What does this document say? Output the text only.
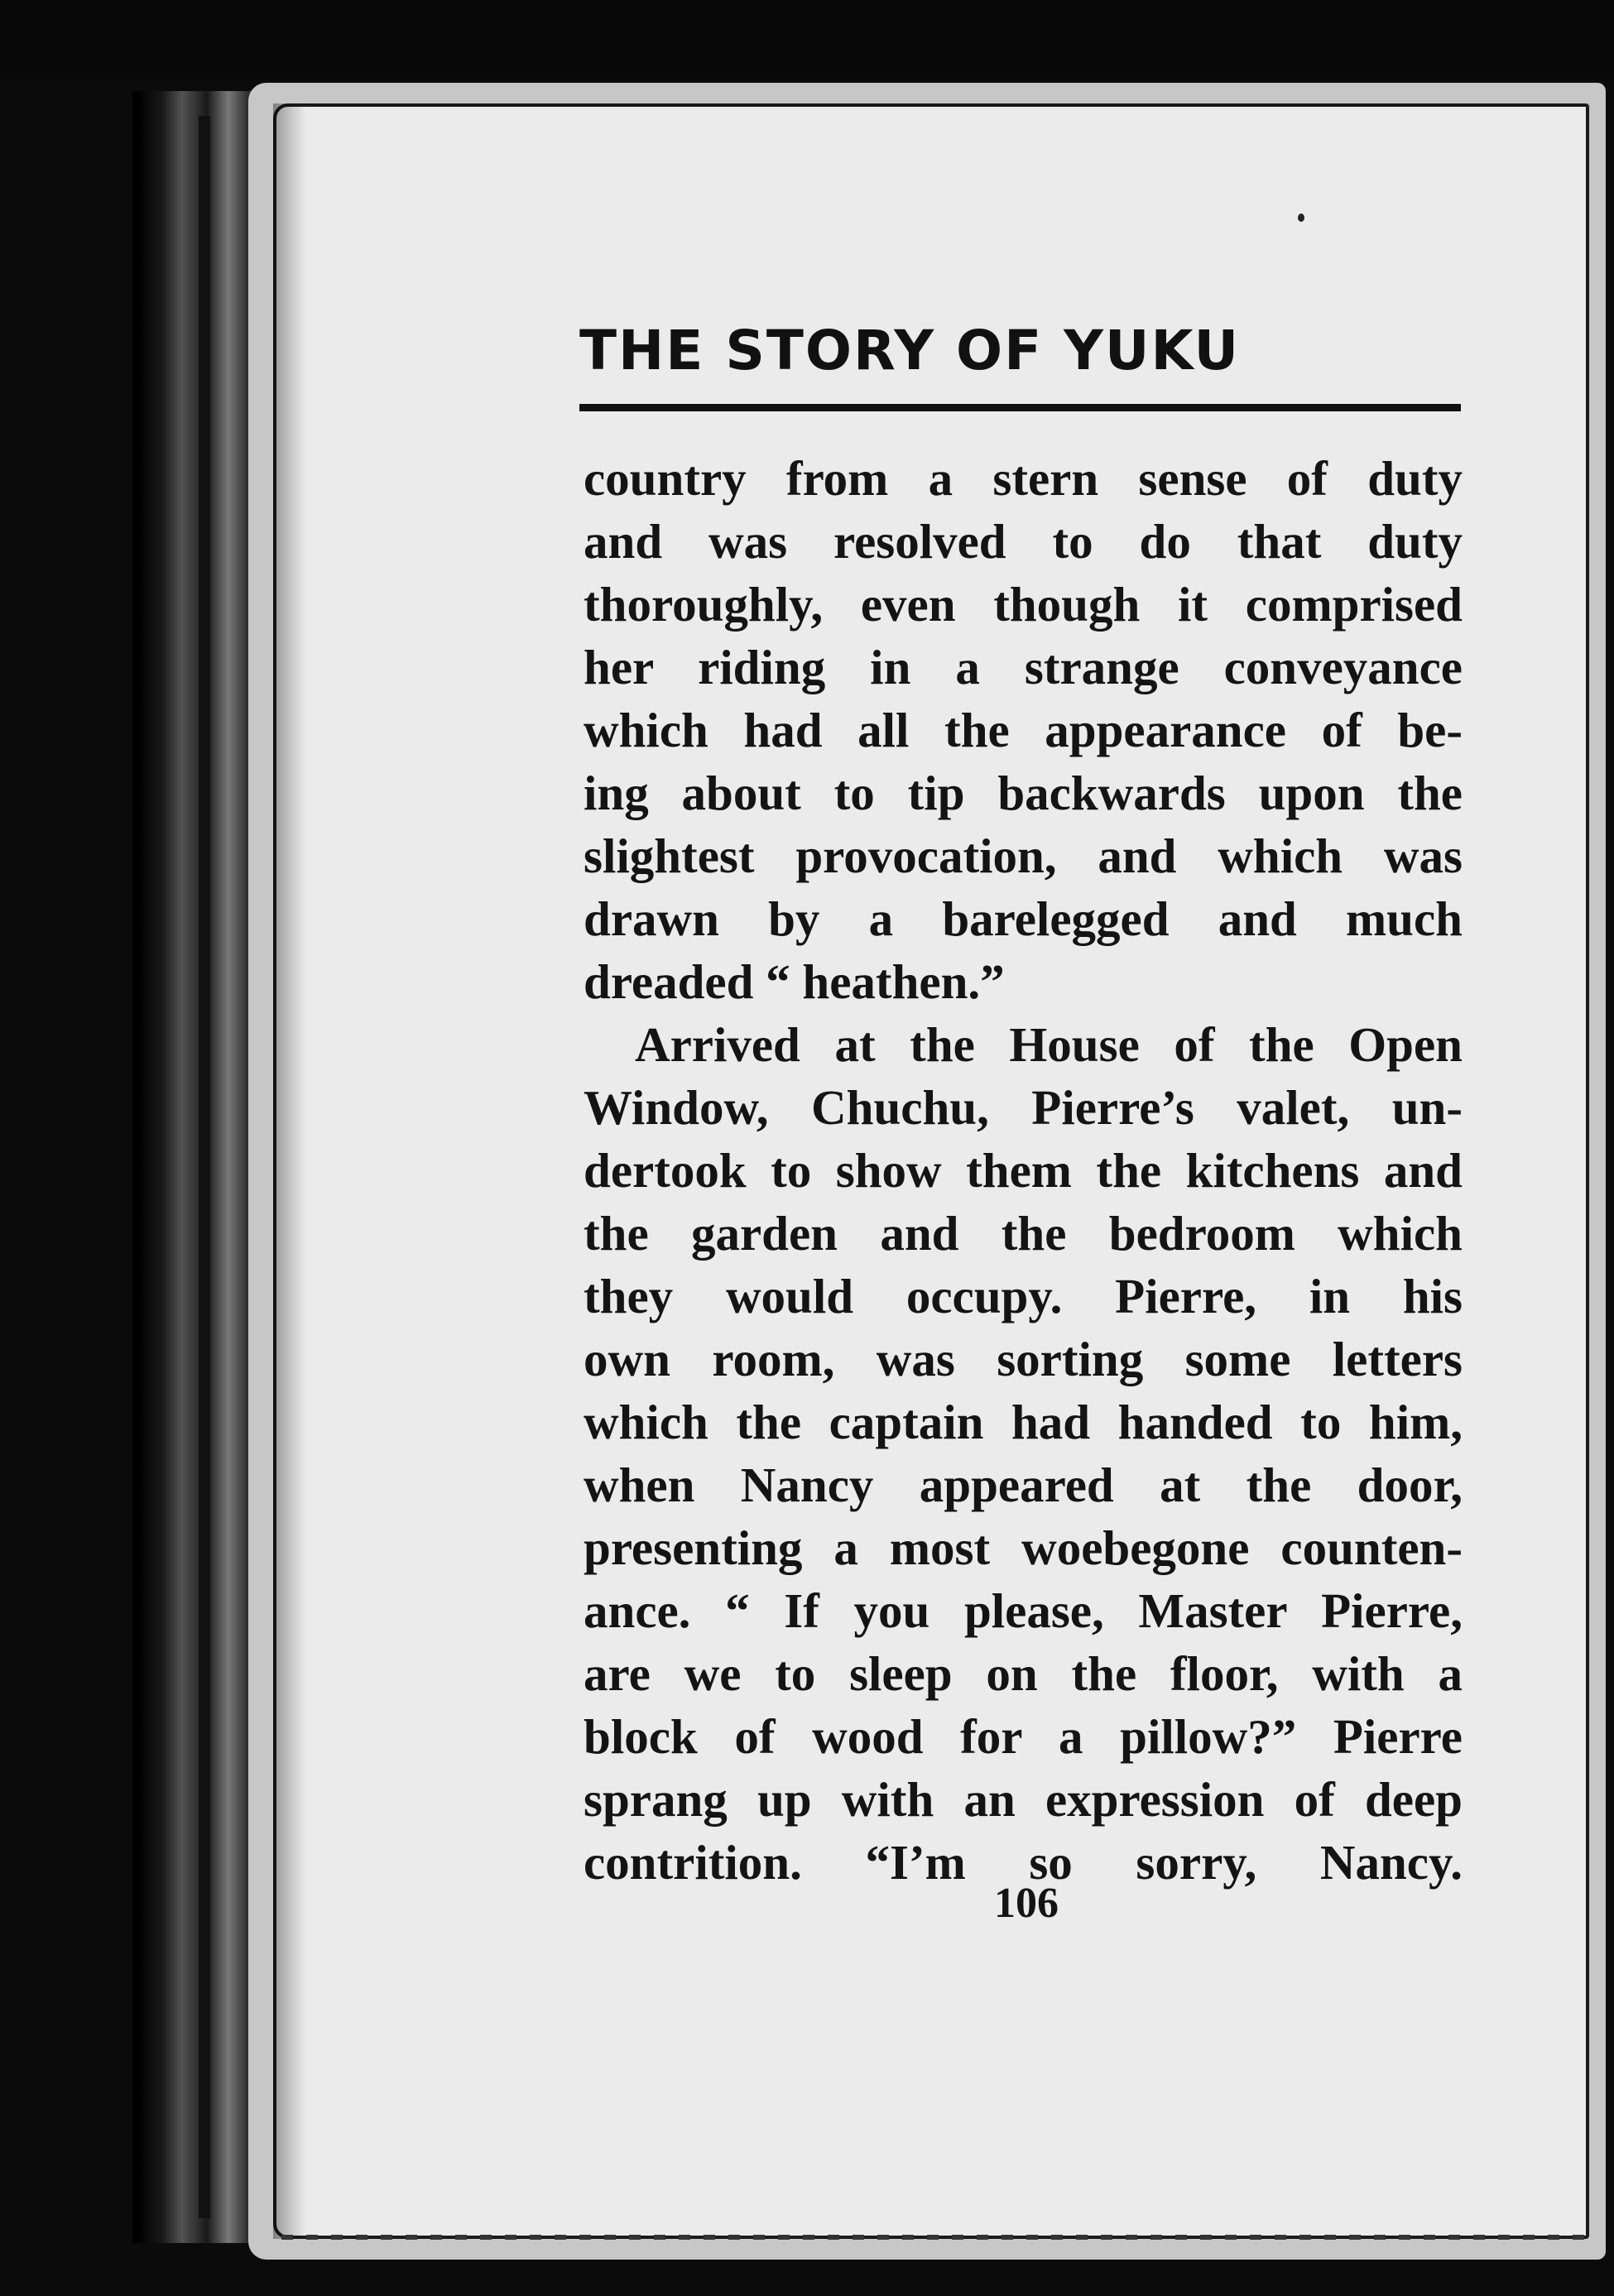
THE STORY OF YUKU
country from a stern sense of duty
and was resolved to do that duty
thoroughly, even though it comprised
her riding in a strange conveyance
which had all the appearance of be-
ing about to tip backwards upon the
slightest provocation, and which was
drawn by a barelegged and much
dreaded “ heathen.”
Arrived at the House of the Open
Window, Chuchu, Pierre’s valet, un-
dertook to show them the kitchens and
the garden and the bedroom which
they would occupy. Pierre, in his
own room, was sorting some letters
which the captain had handed to him,
when Nancy appeared at the door,
presenting a most woebegone counten-
ance. “ If you please, Master Pierre,
are we to sleep on the floor, with a
block of wood for a pillow?” Pierre
sprang up with an expression of deep
contrition. “I’m so sorry, Nancy.

106
